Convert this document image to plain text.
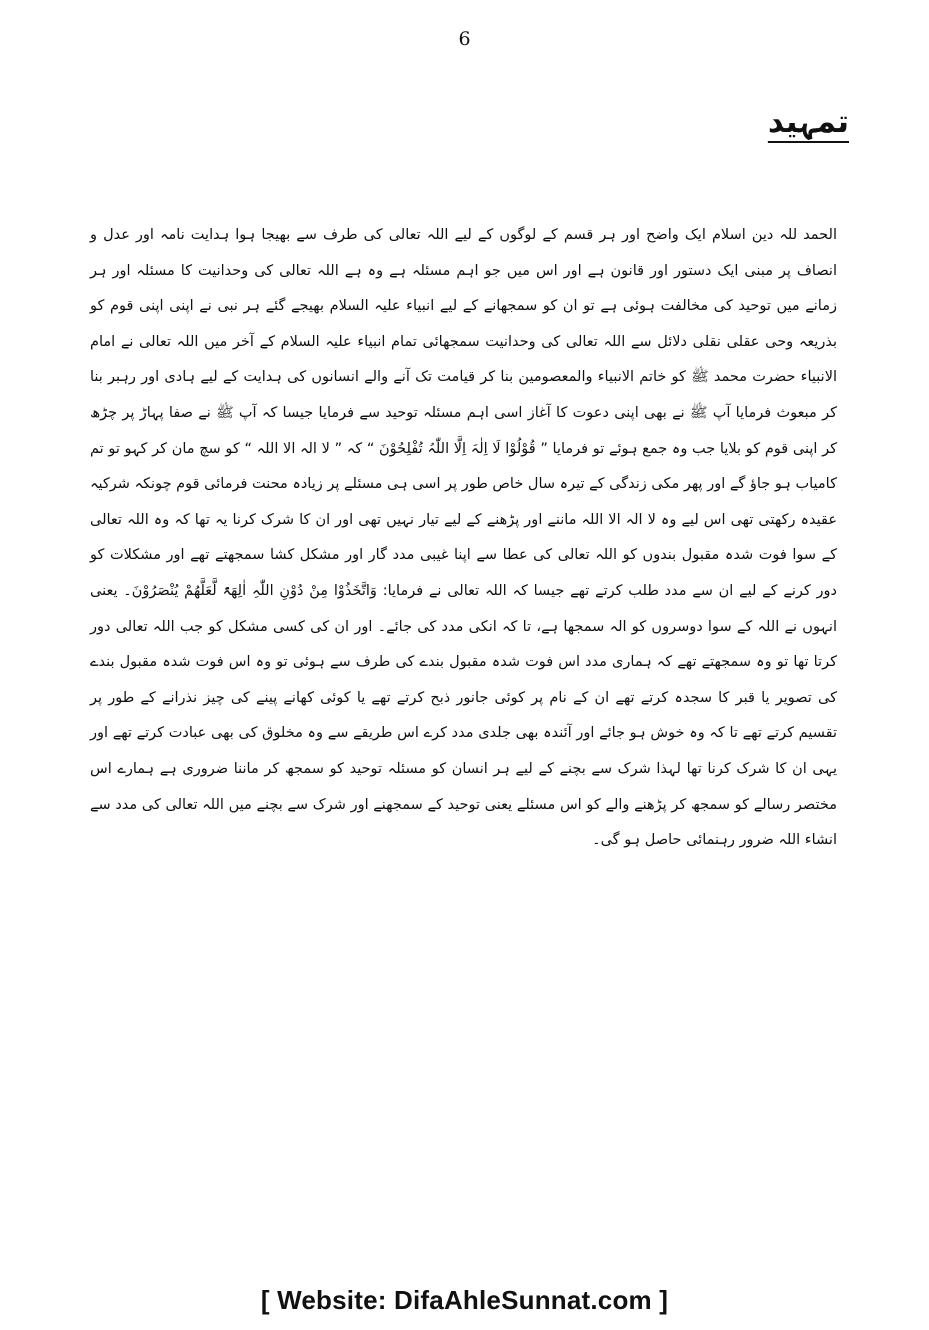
6
تمہید

الحمد للہ دین اسلام ایک واضح اور ہر قسم کے لوگوں کے لیے اللہ تعالی کی طرف سے بھیجا ہوا ہدایت نامہ اور عدل و انصاف پر مبنی ایک دستور اور قانون ہے اور اس میں جو اہم مسئلہ ہے وہ ہے اللہ تعالی کی وحدانیت کا مسئلہ اور ہر زمانے میں توحید کی مخالفت ہوئی ہے تو ان کو سمجھانے کے لیے انبیاء علیہ السلام بھیجے گئے ہر نبی نے اپنی اپنی قوم کو بذریعہ وحی عقلی نقلی دلائل سے اللہ تعالی کی وحدانیت سمجھائی تمام انبیاء علیہ السلام کے آخر میں اللہ تعالی نے امام الانبیاء حضرت محمد ﷺ کو خاتم الانبیاء والمعصومین بنا کر قیامت تک آنے والے انسانوں کی ہدایت کے لیے ہادی اور رہبر بنا کر مبعوث فرمایا آپ ﷺ نے بھی اپنی دعوت کا آغاز اسی اہم مسئلہ توحید سے فرمایا جیسا کہ آپ ﷺ نے صفا پہاڑ پر چڑھ کر اپنی قوم کو بلایا جب وہ جمع ہوئے تو فرمایا ” قُوْلُوْا لَا اِلٰہَ اِلَّا اللّٰہُ تُفْلِحُوْنَ “ کہ ” لا الہ الا اللہ “ کو سچ مان کر کہو تو تم کامیاب ہو جاؤ گے اور پھر مکی زندگی کے تیرہ سال خاص طور پر اسی ہی مسئلے پر زیادہ محنت فرمائی قوم چونکہ شرکیہ عقیدہ رکھتی تھی اس لیے وہ لا الہ الا اللہ ماننے اور پڑھنے کے لیے تیار نہیں تھی اور ان کا شرک کرنا یہ تھا کہ وہ اللہ تعالی کے سوا فوت شدہ مقبول بندوں کو اللہ تعالی کی عطا سے اپنا غیبی مدد گار اور مشکل کشا سمجھتے تھے اور مشکلات کو دور کرنے کے لیے ان سے مدد طلب کرتے تھے جیسا کہ اللہ تعالی نے فرمایا: وَاتَّخَذُوْا مِنْ دُوْنِ اللّٰہِ اٰلِھَۃً لَّعَلَّھُمْ یُنْصَرُوْنَ۔ یعنی انہوں نے اللہ کے سوا دوسروں کو الہ سمجھا ہے، تا کہ انکی مدد کی جائے۔ اور ان کی کسی مشکل کو جب اللہ تعالی دور کرتا تھا تو وہ سمجھتے تھے کہ ہماری مدد اس فوت شدہ مقبول بندے کی طرف سے ہوئی تو وہ اس فوت شدہ مقبول بندے کی تصویر یا قبر کا سجدہ کرتے تھے ان کے نام پر کوئی جانور ذبح کرتے تھے یا کوئی کھانے پینے کی چیز نذرانے کے طور پر تقسیم کرتے تھے تا کہ وہ خوش ہو جائے اور آئندہ بھی جلدی مدد کرے اس طریقے سے وہ مخلوق کی بھی عبادت کرتے تھے اور یہی ان کا شرک کرنا تھا لہذا شرک سے بچنے کے لیے ہر انسان کو مسئلہ توحید کو سمجھ کر ماننا ضروری ہے ہمارے اس مختصر رسالے کو سمجھ کر پڑھنے والے کو اس مسئلے یعنی توحید کے سمجھنے اور شرک سے بچنے میں اللہ تعالی کی مدد سے انشاء اللہ ضرور رہنمائی حاصل ہو گی۔

[ Website: DifaAhleSunnat.com ]
